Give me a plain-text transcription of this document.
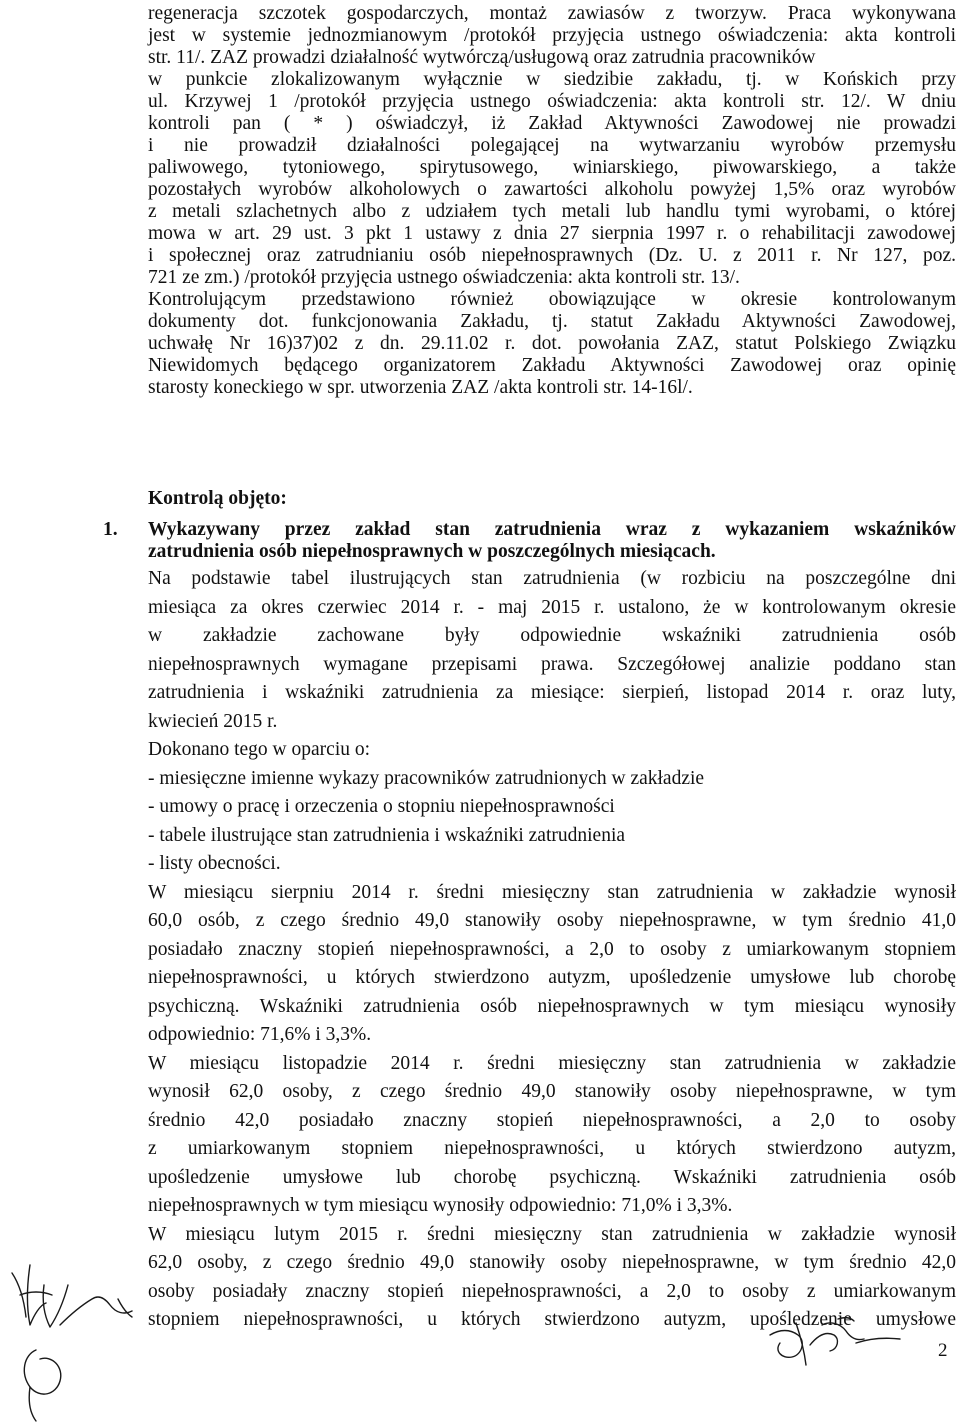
regeneracja szczotek gospodarczych, montaż zawiasów z tworzyw. Praca wykonywana

jest w systemie jednozmianowym /protokół przyjęcia ustnego oświadczenia: akta kontroli

str. 11/. ZAZ prowadzi działalność wytwórczą/usługową oraz zatrudnia pracowników

w punkcie zlokalizowanym wyłącznie w siedzibie zakładu, tj. w Końskich przy

ul. Krzywej 1 /protokół przyjęcia ustnego oświadczenia: akta kontroli str. 12/. W dniu

kontroli pan ( * ) oświadczył, iż Zakład Aktywności Zawodowej nie prowadzi

i nie prowadził działalności polegającej na wytwarzaniu wyrobów przemysłu

paliwowego, tytoniowego, spirytusowego, winiarskiego, piwowarskiego, a także

pozostałych wyrobów alkoholowych o zawartości alkoholu powyżej 1,5% oraz wyrobów

z metali szlachetnych albo z udziałem tych metali lub handlu tymi wyrobami, o której

mowa w art. 29 ust. 3 pkt 1 ustawy z dnia 27 sierpnia 1997 r. o rehabilitacji zawodowej

i społecznej oraz zatrudnianiu osób niepełnosprawnych (Dz. U. z 2011 r. Nr 127, poz.

721 ze zm.) /protokół przyjęcia ustnego oświadczenia: akta kontroli str. 13/.

Kontrolującym przedstawiono również obowiązujące w okresie kontrolowanym

dokumenty dot. funkcjonowania Zakładu, tj. statut Zakładu Aktywności Zawodowej,

uchwałę Nr 16)37)02 z dn. 29.11.02 r. dot. powołania ZAZ, statut Polskiego Związku

Niewidomych będącego organizatorem Zakładu Aktywności Zawodowej oraz opinię

starosty koneckiego w spr. utworzenia ZAZ /akta kontroli str. 14-16l/.

Kontrolą objęto:

1. Wykazywany przez zakład stan zatrudnienia wraz z wykazaniem wskaźników

zatrudnienia osób niepełnosprawnych w poszczególnych miesiącach.

Na podstawie tabel ilustrujących stan zatrudnienia (w rozbiciu na poszczególne dni

miesiąca za okres czerwiec 2014 r. - maj 2015 r. ustalono, że w kontrolowanym okresie

w zakładzie zachowane były odpowiednie wskaźniki zatrudnienia osób

niepełnosprawnych wymagane przepisami prawa. Szczegółowej analizie poddano stan

zatrudnienia i wskaźniki zatrudnienia za miesiące: sierpień, listopad 2014 r. oraz luty,

kwiecień 2015 r.

Dokonano tego w oparciu o:

- miesięczne imienne wykazy pracowników zatrudnionych w zakładzie

- umowy o pracę i orzeczenia o stopniu niepełnosprawności

- tabele ilustrujące stan zatrudnienia i wskaźniki zatrudnienia

- listy obecności.

W miesiącu sierpniu 2014 r. średni miesięczny stan zatrudnienia w zakładzie wynosił

60,0 osób, z czego średnio 49,0 stanowiły osoby niepełnosprawne, w tym średnio 41,0

posiadało znaczny stopień niepełnosprawności, a 2,0 to osoby z umiarkowanym stopniem

niepełnosprawności, u których stwierdzono autyzm, upośledzenie umysłowe lub chorobę

psychiczną. Wskaźniki zatrudnienia osób niepełnosprawnych w tym miesiącu wynosiły

odpowiednio: 71,6% i 3,3%.

W miesiącu listopadzie 2014 r. średni miesięczny stan zatrudnienia w zakładzie

wynosił 62,0 osoby, z czego średnio 49,0 stanowiły osoby niepełnosprawne, w tym

średnio 42,0 posiadało znaczny stopień niepełnosprawności, a 2,0 to osoby

z umiarkowanym stopniem niepełnosprawności, u których stwierdzono autyzm,

upośledzenie umysłowe lub chorobę psychiczną. Wskaźniki zatrudnienia osób

niepełnosprawnych w tym miesiącu wynosiły odpowiednio: 71,0% i 3,3%.

W miesiącu lutym 2015 r. średni miesięczny stan zatrudnienia w zakładzie wynosił

62,0 osoby, z czego średnio 49,0 stanowiły osoby niepełnosprawne, w tym średnio 42,0

osoby posiadały znaczny stopień niepełnosprawności, a 2,0 to osoby z umiarkowanym

stopniem niepełnosprawności, u których stwierdzono autyzm, upośledzenie umysłowe

2
